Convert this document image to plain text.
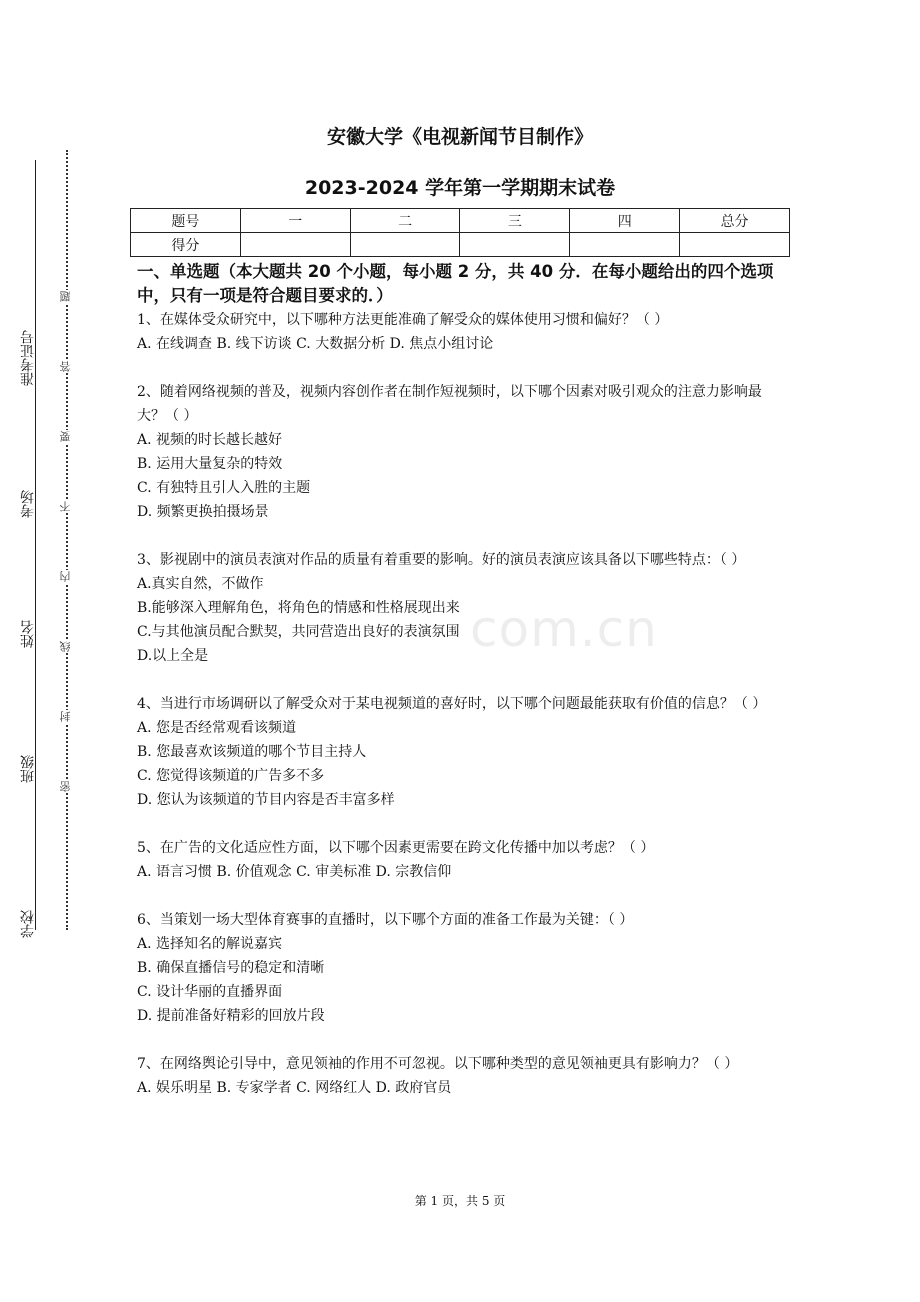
准考证号
考场
姓名
班级
学校
题
答
要
不
内
线
封
密
安徽大学《电视新闻节目制作》
2023-2024 学年第一学期期末试卷
题号	一	二	三	四	总分
得分					

一、单选题（本大题共 20 个小题，每小题 2 分，共 40 分．在每小题给出的四个选项中，只有一项是符合题目要求的．）

1、在媒体受众研究中，以下哪种方法更能准确了解受众的媒体使用习惯和偏好？（ ）

A. 在线调查 B. 线下访谈 C. 大数据分析 D. 焦点小组讨论

2、随着网络视频的普及，视频内容创作者在制作短视频时，以下哪个因素对吸引观众的注意力影响最大？（ ）

A. 视频的时长越长越好

B. 运用大量复杂的特效

C. 有独特且引人入胜的主题

D. 频繁更换拍摄场景

3、影视剧中的演员表演对作品的质量有着重要的影响。好的演员表演应该具备以下哪些特点：（ ）

A.真实自然，不做作

B.能够深入理解角色，将角色的情感和性格展现出来

C.与其他演员配合默契，共同营造出良好的表演氛围

D.以上全是

4、当进行市场调研以了解受众对于某电视频道的喜好时，以下哪个问题最能获取有价值的信息？（ ）

A. 您是否经常观看该频道

B. 您最喜欢该频道的哪个节目主持人

C. 您觉得该频道的广告多不多

D. 您认为该频道的节目内容是否丰富多样

5、在广告的文化适应性方面，以下哪个因素更需要在跨文化传播中加以考虑？（ ）

A. 语言习惯 B. 价值观念 C. 审美标准 D. 宗教信仰

6、当策划一场大型体育赛事的直播时，以下哪个方面的准备工作最为关键：（ ）

A. 选择知名的解说嘉宾

B. 确保直播信号的稳定和清晰

C. 设计华丽的直播界面

D. 提前准备好精彩的回放片段

7、在网络舆论引导中，意见领袖的作用不可忽视。以下哪种类型的意见领袖更具有影响力？（ ）

A. 娱乐明星 B. 专家学者 C. 网络红人 D. 政府官员

com.cn
第 1 页，共 5 页
